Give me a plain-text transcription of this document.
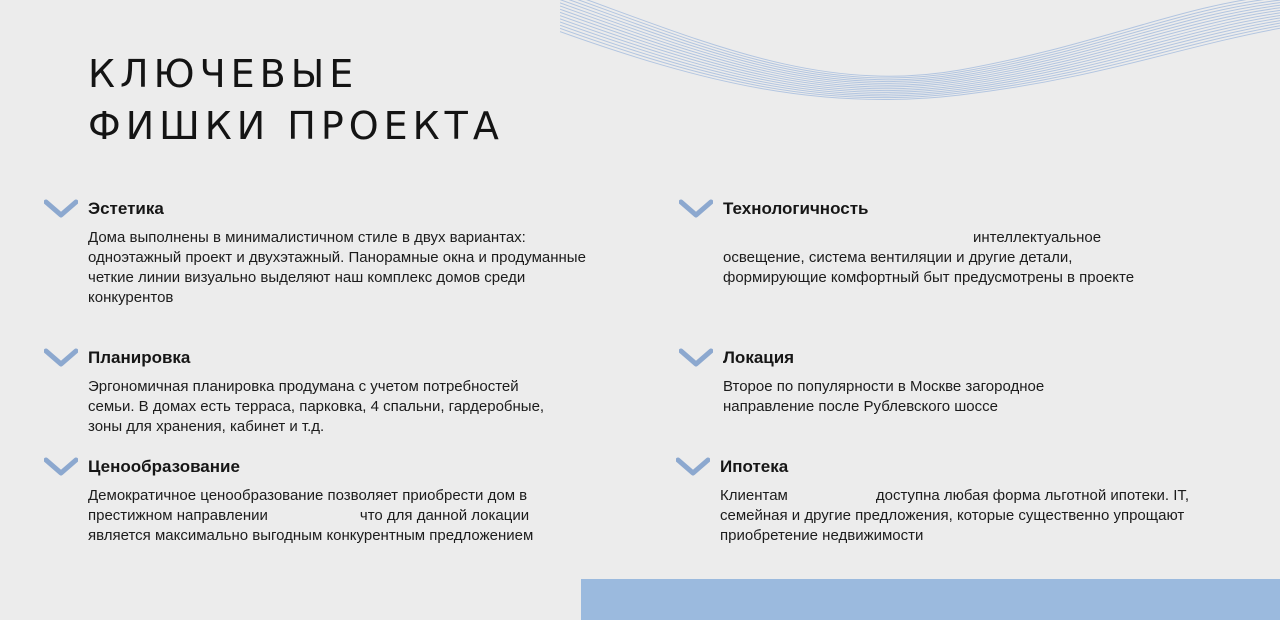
КЛЮЧЕВЫЕ
ФИШКИ ПРОЕКТА
Эстетика

Дома выполнены в минималистичном стиле в двух вариантах: одноэтажный проект и двухэтажный. Панорамные окна и продуманные четкие линии визуально выделяют наш комплекс домов среди конкурентов

Планировка

Эргономичная планировка продумана с учетом потребностей семьи. В домах есть терраса, парковка, 4 спальни, гардеробные, зоны для хранения, кабинет и т.д.

Ценообразование

Демократичное ценообразование позволяет приобрести дом в престижном направлении	что для данной локации является максимально выгодным конкурентным предложением

Технологичность

интеллектуальное освещение, система вентиляции и другие детали, формирующие комфортный быт предусмотрены в проекте

Локация

Второе по популярности в Москве загородное направление после Рублевского шоссе

Ипотека

Клиентам	доступна любая форма льготной ипотеки. IT, семейная и другие предложения, которые существенно упрощают приобретение недвижимости
